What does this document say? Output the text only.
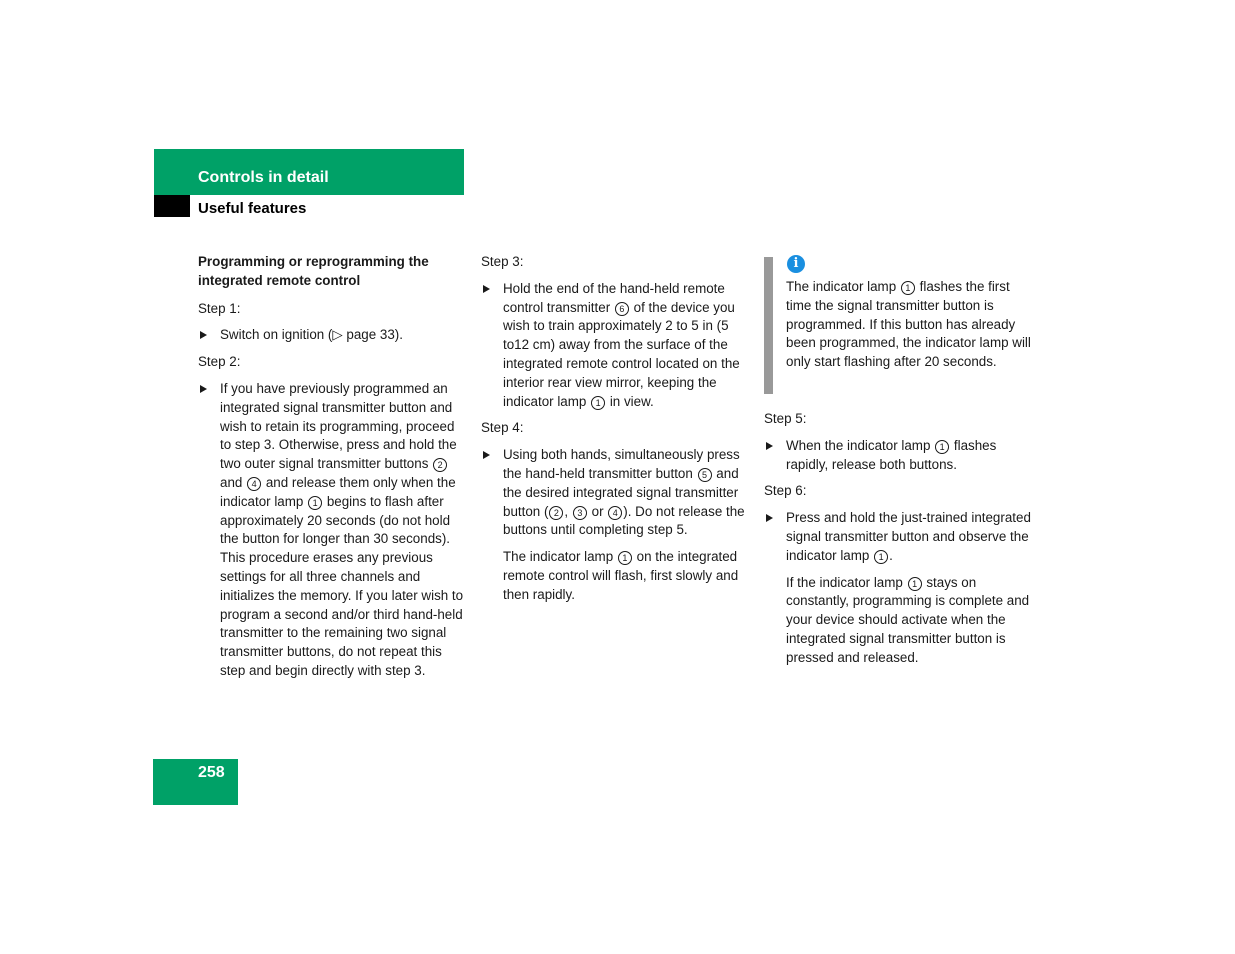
Controls in detail
Useful features

Programming or reprogramming the integrated remote control

Step 1:

Switch on ignition (▷ page 33).

Step 2:

If you have previously programmed an integrated signal transmitter button and wish to retain its programming, proceed to step 3. Otherwise, press and hold the two outer signal transmitter buttons 2 and 4 and release them only when the indicator lamp 1 begins to flash after approximately 20 seconds (do not hold the button for longer than 30 seconds). This procedure erases any previous settings for all three channels and initializes the memory. If you later wish to program a second and/or third hand-held transmitter to the remaining two signal transmitter buttons, do not repeat this step and begin directly with step 3.

Step 3:

Hold the end of the hand-held remote control transmitter 6 of the device you wish to train approximately 2 to 5 in (5 to12 cm) away from the surface of the integrated remote control located on the interior rear view mirror, keeping the indicator lamp 1 in view.

Step 4:

Using both hands, simultaneously press the hand-held transmitter button 5 and the desired integrated signal transmitter button ( 2 , 3 or 4 ). Do not release the buttons until completing step 5.

The indicator lamp 1 on the integrated remote control will flash, first slowly and then rapidly.

i
The indicator lamp 1 flashes the first time the signal transmitter button is programmed. If this button has already been programmed, the indicator lamp will only start flashing after 20 seconds.

Step 5:

When the indicator lamp 1 flashes rapidly, release both buttons.

Step 6:

Press and hold the just-trained integrated signal transmitter button and observe the indicator lamp 1 .

If the indicator lamp 1 stays on constantly, programming is complete and your device should activate when the integrated signal transmitter button is pressed and released.

258
